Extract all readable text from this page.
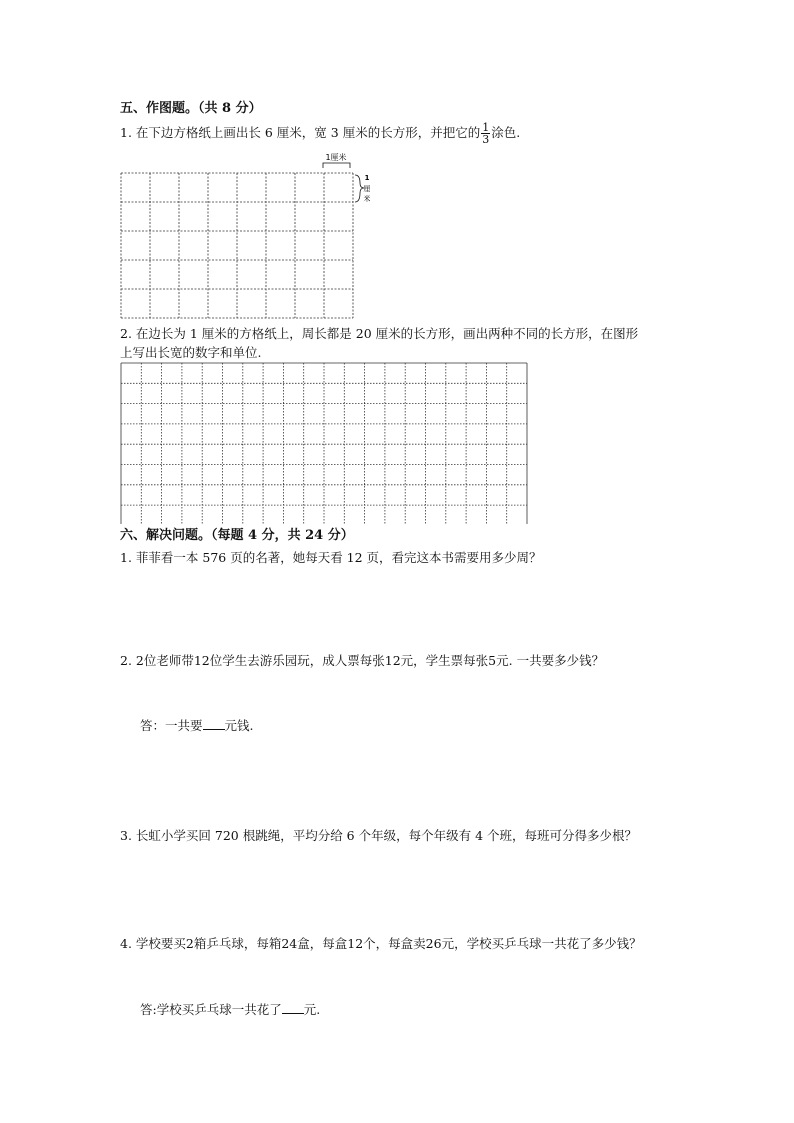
五、作图题。（共 8 分）
1. 在下边方格纸上画出长 6 厘米，宽 3 厘米的长方形，并把它的 $\frac{1}{3}$ 涂色.
1厘米
1
厘
米
2. 在边长为 1 厘米的方格纸上，周长都是 20 厘米的长方形，画出两种不同的长方形，在图形
上写出长宽的数字和单位.
六、解决问题。（每题 4 分，共 24 分）
1. 菲菲看一本 576 页的名著，她每天看 12 页，看完这本书需要用多少周？
2. 2位老师带12位学生去游乐园玩，成人票每张12元，学生票每张5元. 一共要多少钱？
答：一共要 元钱.
3. 长虹小学买回 720 根跳绳，平均分给 6 个年级，每个年级有 4 个班，每班可分得多少根？
4. 学校要买2箱乒乓球，每箱24盒，每盒12个，每盒卖26元，学校买乒乓球一共花了多少钱？
答:学校买乒乓球一共花了 元.
